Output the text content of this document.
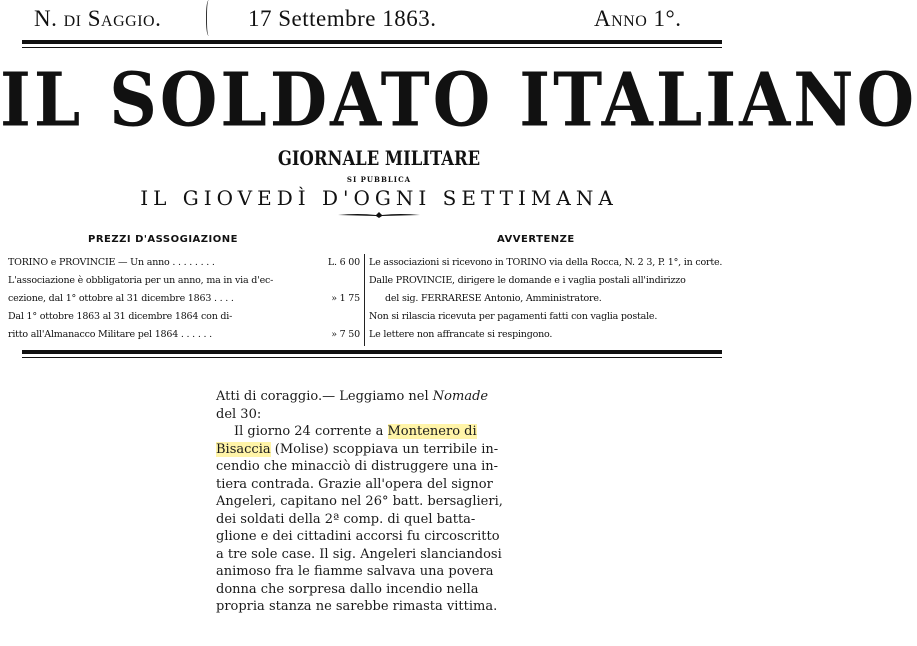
N. di Saggio.	17 Settembre 1863.	Anno 1°.
IL SOLDATO ITALIANO
GIORNALE MILITARE
SI PUBBLICA
IL GIOVEDÌ D'OGNI SETTIMANA
PREZZI D'ASSOGIAZIONE	AVVERTENZE
TORINO e PROVINCIE — Un anno . . . . . . . .	L. 6 00
L'associazione è obbligatoria per un anno, ma in via d'ec-
cezione, dal 1° ottobre al 31 dicembre 1863 . . . .	» 1 75
Dal 1° ottobre 1863 al 31 dicembre 1864 con di-
ritto all'Almanacco Militare pel 1864 . . . . . .	» 7 50
Le associazioni si ricevono in TORINO via della Rocca, N. 2 3, P. 1°, in corte.
Dalle PROVINCIE, dirigere le domande e i vaglia postali all'indirizzo
del sig. FERRARESE Antonio, Amministratore.
Non si rilascia ricevuta per pagamenti fatti con vaglia postale.
Le lettere non affrancate si respingono.
Atti di coraggio.— Leggiamo nel Nomade
del 30:
Il giorno 24 corrente a Montenero di
Bisaccia (Molise) scoppiava un terribile in-
cendio che minacciò di distruggere una in-
tiera contrada. Grazie all'opera del signor
Angeleri, capitano nel 26° batt. bersaglieri,
dei soldati della 2ª comp. di quel batta-
glione e dei cittadini accorsi fu circoscritto
a tre sole case. Il sig. Angeleri slanciandosi
animoso fra le fiamme salvava una povera
donna che sorpresa dallo incendio nella
propria stanza ne sarebbe rimasta vittima.
